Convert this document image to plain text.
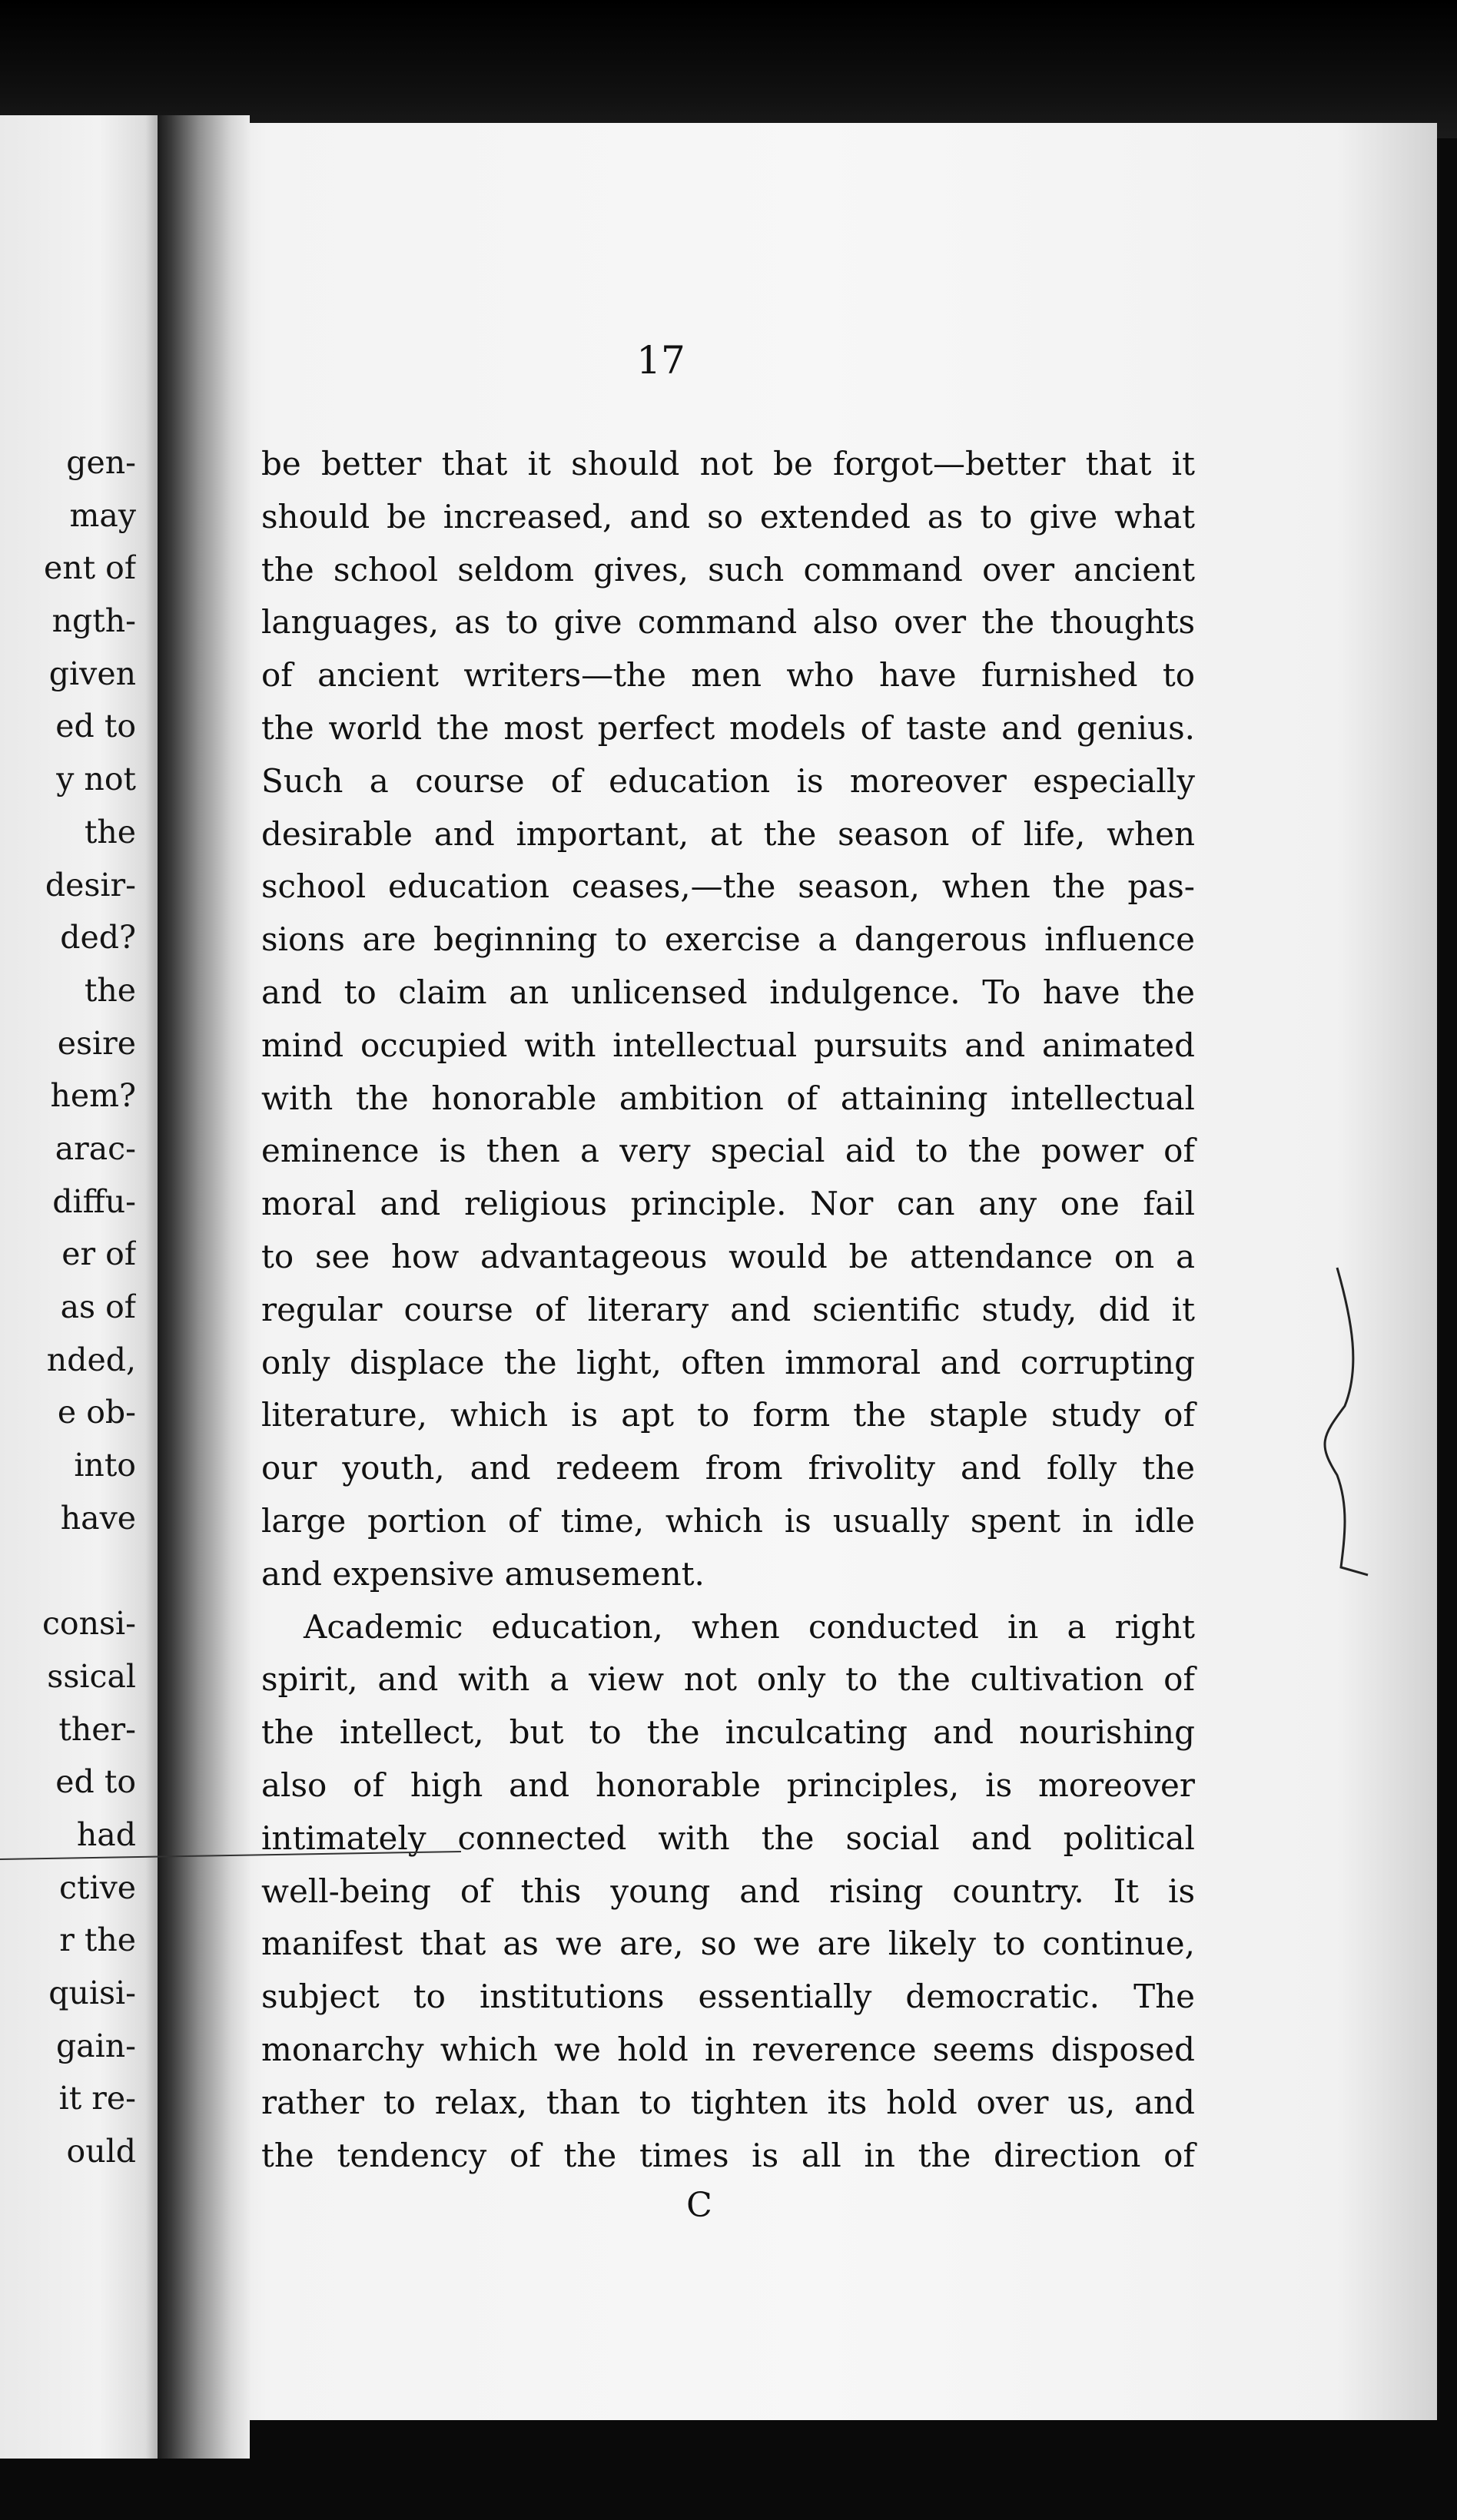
gen-
may
ent of
ngth-
given
ed to
y not
the
desir-
ded?
the
esire
hem?
arac-
diffu-
er of
as of
nded,
e ob-
into
have
consi-
ssical
ther-
ed to
had
ctive
r the
quisi-
gain-
it re-
ould
17
be better that it should not be forgot—better that it
should be increased, and so extended as to give what
the school seldom gives, such command over ancient
languages, as to give command also over the thoughts
of ancient writers—the men who have furnished to
the world the most perfect models of taste and genius.
Such a course of education is moreover especially
desirable and important, at the season of life, when
school education ceases,—the season, when the pas-
sions are beginning to exercise a dangerous influence
and to claim an unlicensed indulgence. To have the
mind occupied with intellectual pursuits and animated
with the honorable ambition of attaining intellectual
eminence is then a very special aid to the power of
moral and religious principle. Nor can any one fail
to see how advantageous would be attendance on a
regular course of literary and scientific study, did it
only displace the light, often immoral and corrupting
literature, which is apt to form the staple study of
our youth, and redeem from frivolity and folly the
large portion of time, which is usually spent in idle
and expensive amusement.
Academic education, when conducted in a right
spirit, and with a view not only to the cultivation of
the intellect, but to the inculcating and nourishing
also of high and honorable principles, is moreover
intimately connected with the social and political
well-being of this young and rising country. It is
manifest that as we are, so we are likely to continue,
subject to institutions essentially democratic. The
monarchy which we hold in reverence seems disposed
rather to relax, than to tighten its hold over us, and
the tendency of the times is all in the direction of
C
